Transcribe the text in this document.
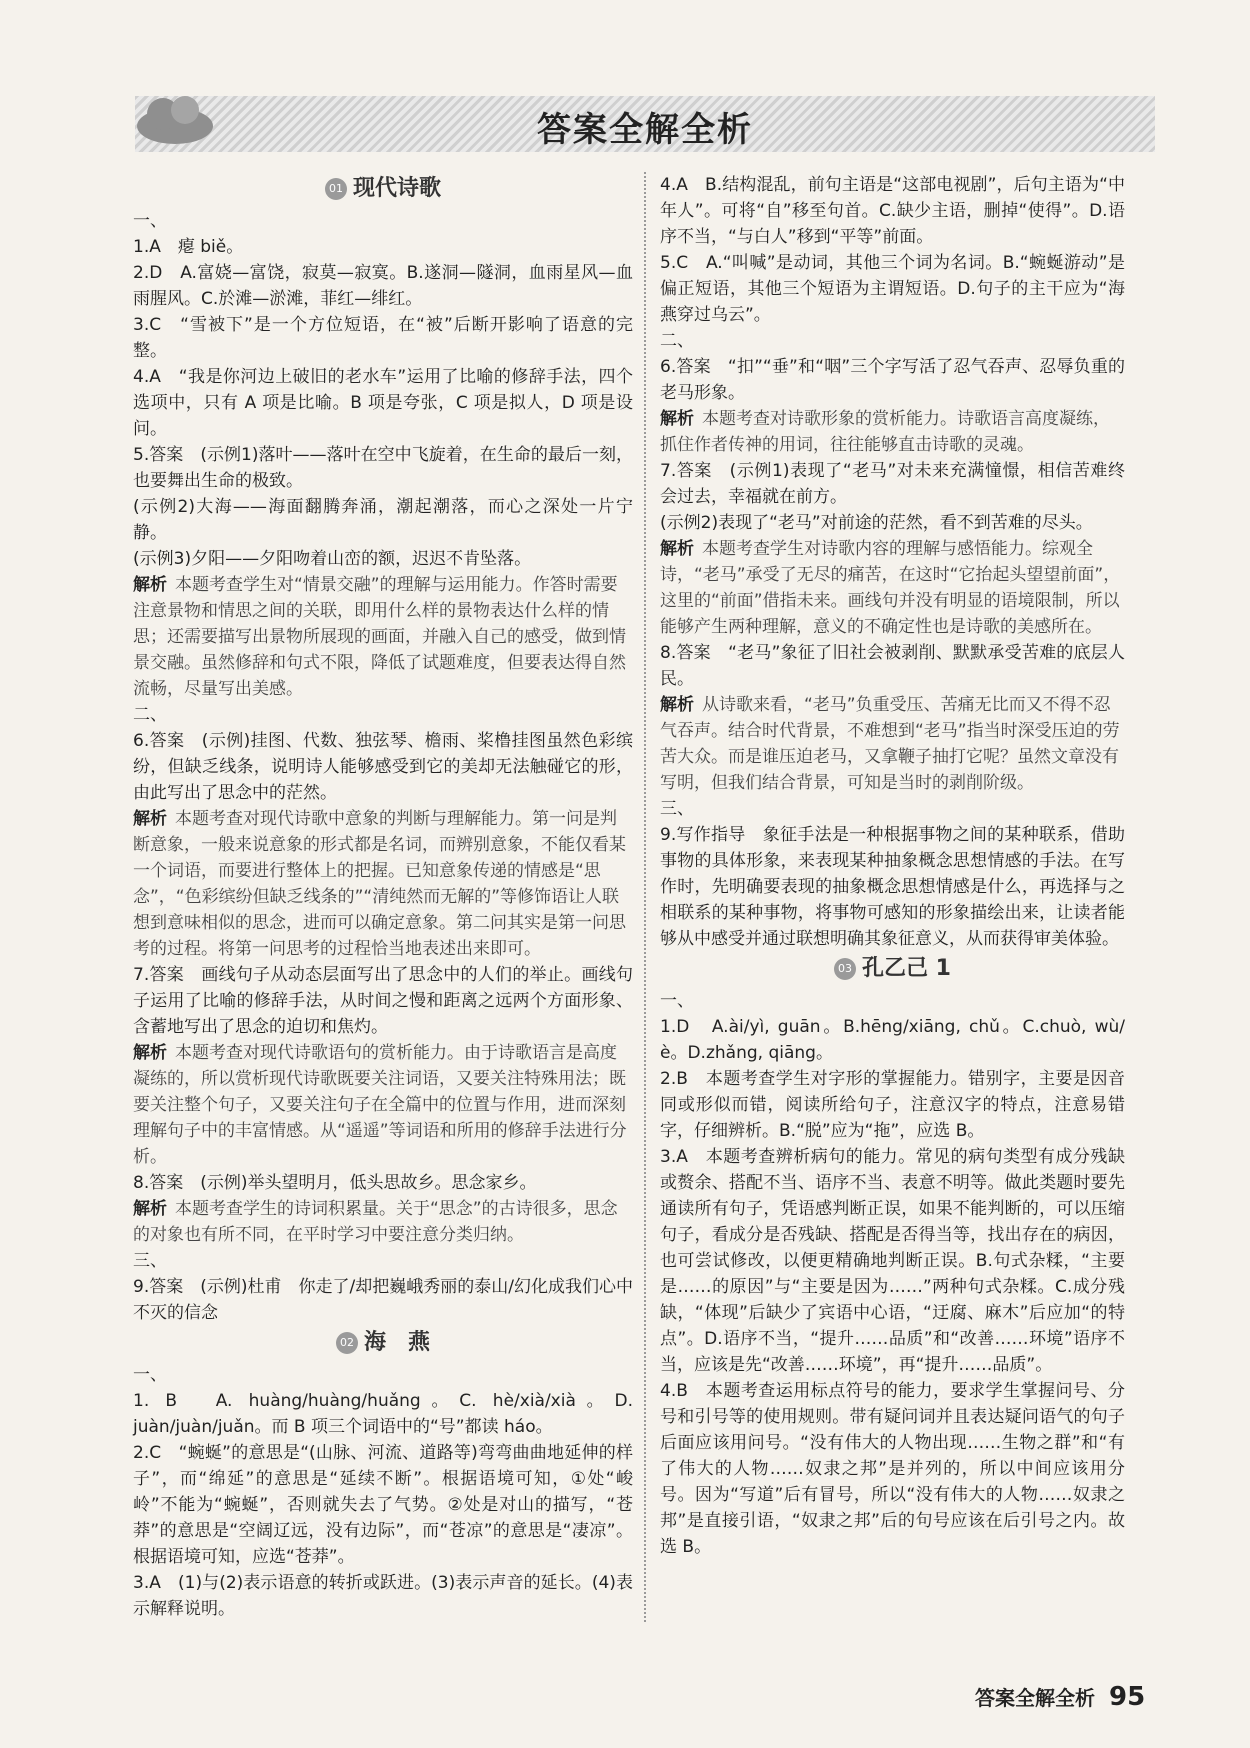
答案全解全析
01 现代诗歌

一、

1.A　瘪 biě。

2.D　A.富娆—富饶，寂莫—寂寞。B.遂洞—隧洞，血雨星风—血雨腥风。C.於滩—淤滩，菲红—绯红。

3.C　“雪被下”是一个方位短语，在“被”后断开影响了语意的完整。

4.A　“我是你河边上破旧的老水车”运用了比喻的修辞手法，四个选项中，只有 A 项是比喻。B 项是夸张，C 项是拟人，D 项是设问。

5.答案　(示例1)落叶——落叶在空中飞旋着，在生命的最后一刻，也要舞出生命的极致。

(示例2)大海——海面翻腾奔涌，潮起潮落，而心之深处一片宁静。

(示例3)夕阳——夕阳吻着山峦的额，迟迟不肯坠落。

解析 本题考查学生对“情景交融”的理解与运用能力。作答时需要注意景物和情思之间的关联，即用什么样的景物表达什么样的情思；还需要描写出景物所展现的画面，并融入自己的感受，做到情景交融。虽然修辞和句式不限，降低了试题难度，但要表达得自然流畅，尽量写出美感。

二、

6.答案　(示例)挂图、代数、独弦琴、檐雨、桨橹挂图虽然色彩缤纷，但缺乏线条，说明诗人能够感受到它的美却无法触碰它的形，由此写出了思念中的茫然。

解析 本题考查对现代诗歌中意象的判断与理解能力。第一问是判断意象，一般来说意象的形式都是名词，而辨别意象，不能仅看某一个词语，而要进行整体上的把握。已知意象传递的情感是“思念”，“色彩缤纷但缺乏线条的”“清纯然而无解的”等修饰语让人联想到意味相似的思念，进而可以确定意象。第二问其实是第一问思考的过程。将第一问思考的过程恰当地表述出来即可。

7.答案　画线句子从动态层面写出了思念中的人们的举止。画线句子运用了比喻的修辞手法，从时间之慢和距离之远两个方面形象、含蓄地写出了思念的迫切和焦灼。

解析 本题考查对现代诗歌语句的赏析能力。由于诗歌语言是高度凝练的，所以赏析现代诗歌既要关注词语，又要关注特殊用法；既要关注整个句子，又要关注句子在全篇中的位置与作用，进而深刻理解句子中的丰富情感。从“遥遥”等词语和所用的修辞手法进行分析。

8.答案　(示例)举头望明月，低头思故乡。思念家乡。

解析 本题考查学生的诗词积累量。关于“思念”的古诗很多，思念的对象也有所不同，在平时学习中要注意分类归纳。

三、

9.答案　(示例)杜甫　你走了/却把巍峨秀丽的泰山/幻化成我们心中不灭的信念

02 海　燕

一、

1. B　A. huàng/huàng/huǎng。C. hè/xià/xià。D. juàn/juàn/juǎn。而 B 项三个词语中的“号”都读 háo。

2.C　“蜿蜒”的意思是“(山脉、河流、道路等)弯弯曲曲地延伸的样子”，而“绵延”的意思是“延续不断”。根据语境可知，①处“峻岭”不能为“蜿蜒”，否则就失去了气势。②处是对山的描写，“苍莽”的意思是“空阔辽远，没有边际”，而“苍凉”的意思是“凄凉”。根据语境可知，应选“苍莽”。

3.A　(1)与(2)表示语意的转折或跃进。(3)表示声音的延长。(4)表示解释说明。

4.A　B.结构混乱，前句主语是“这部电视剧”，后句主语为“中年人”。可将“自”移至句首。C.缺少主语，删掉“使得”。D.语序不当，“与白人”移到“平等”前面。

5.C　A.“叫喊”是动词，其他三个词为名词。B.“蜿蜒游动”是偏正短语，其他三个短语为主谓短语。D.句子的主干应为“海燕穿过乌云”。

二、

6.答案　“扣”“垂”和“咽”三个字写活了忍气吞声、忍辱负重的老马形象。

解析 本题考查对诗歌形象的赏析能力。诗歌语言高度凝练，抓住作者传神的用词，往往能够直击诗歌的灵魂。

7.答案　(示例1)表现了“老马”对未来充满憧憬，相信苦难终会过去，幸福就在前方。

(示例2)表现了“老马”对前途的茫然，看不到苦难的尽头。

解析 本题考查学生对诗歌内容的理解与感悟能力。综观全诗，“老马”承受了无尽的痛苦，在这时“它抬起头望望前面”，这里的“前面”借指未来。画线句并没有明显的语境限制，所以能够产生两种理解，意义的不确定性也是诗歌的美感所在。

8.答案　“老马”象征了旧社会被剥削、默默承受苦难的底层人民。

解析 从诗歌来看，“老马”负重受压、苦痛无比而又不得不忍气吞声。结合时代背景，不难想到“老马”指当时深受压迫的劳苦大众。而是谁压迫老马，又拿鞭子抽打它呢？虽然文章没有写明，但我们结合背景，可知是当时的剥削阶级。

三、

9.写作指导　象征手法是一种根据事物之间的某种联系，借助事物的具体形象，来表现某种抽象概念思想情感的手法。在写作时，先明确要表现的抽象概念思想情感是什么，再选择与之相联系的某种事物，将事物可感知的形象描绘出来，让读者能够从中感受并通过联想明确其象征意义，从而获得审美体验。

03 孔乙己 1

一、

1.D　A.ài/yì, guān。B.hēng/xiāng, chǔ。C.chuò, wù/è。D.zhǎng, qiāng。

2.B　本题考查学生对字形的掌握能力。错别字，主要是因音同或形似而错，阅读所给句子，注意汉字的特点，注意易错字，仔细辨析。B.“脱”应为“拖”，应选 B。

3.A　本题考查辨析病句的能力。常见的病句类型有成分残缺或赘余、搭配不当、语序不当、表意不明等。做此类题时要先通读所有句子，凭语感判断正误，如果不能判断的，可以压缩句子，看成分是否残缺、搭配是否得当等，找出存在的病因，也可尝试修改，以便更精确地判断正误。B.句式杂糅，“主要是……的原因”与“主要是因为……”两种句式杂糅。C.成分残缺，“体现”后缺少了宾语中心语，“迂腐、麻木”后应加“的特点”。D.语序不当，“提升……品质”和“改善……环境”语序不当，应该是先“改善……环境”，再“提升……品质”。

4.B　本题考查运用标点符号的能力，要求学生掌握问号、分号和引号等的使用规则。带有疑问词并且表达疑问语气的句子后面应该用问号。“没有伟大的人物出现……生物之群”和“有了伟大的人物……奴隶之邦”是并列的，所以中间应该用分号。因为“写道”后有冒号，所以“没有伟大的人物……奴隶之邦”是直接引语，“奴隶之邦”后的句号应该在后引号之内。故选 B。

答案全解全析 95
